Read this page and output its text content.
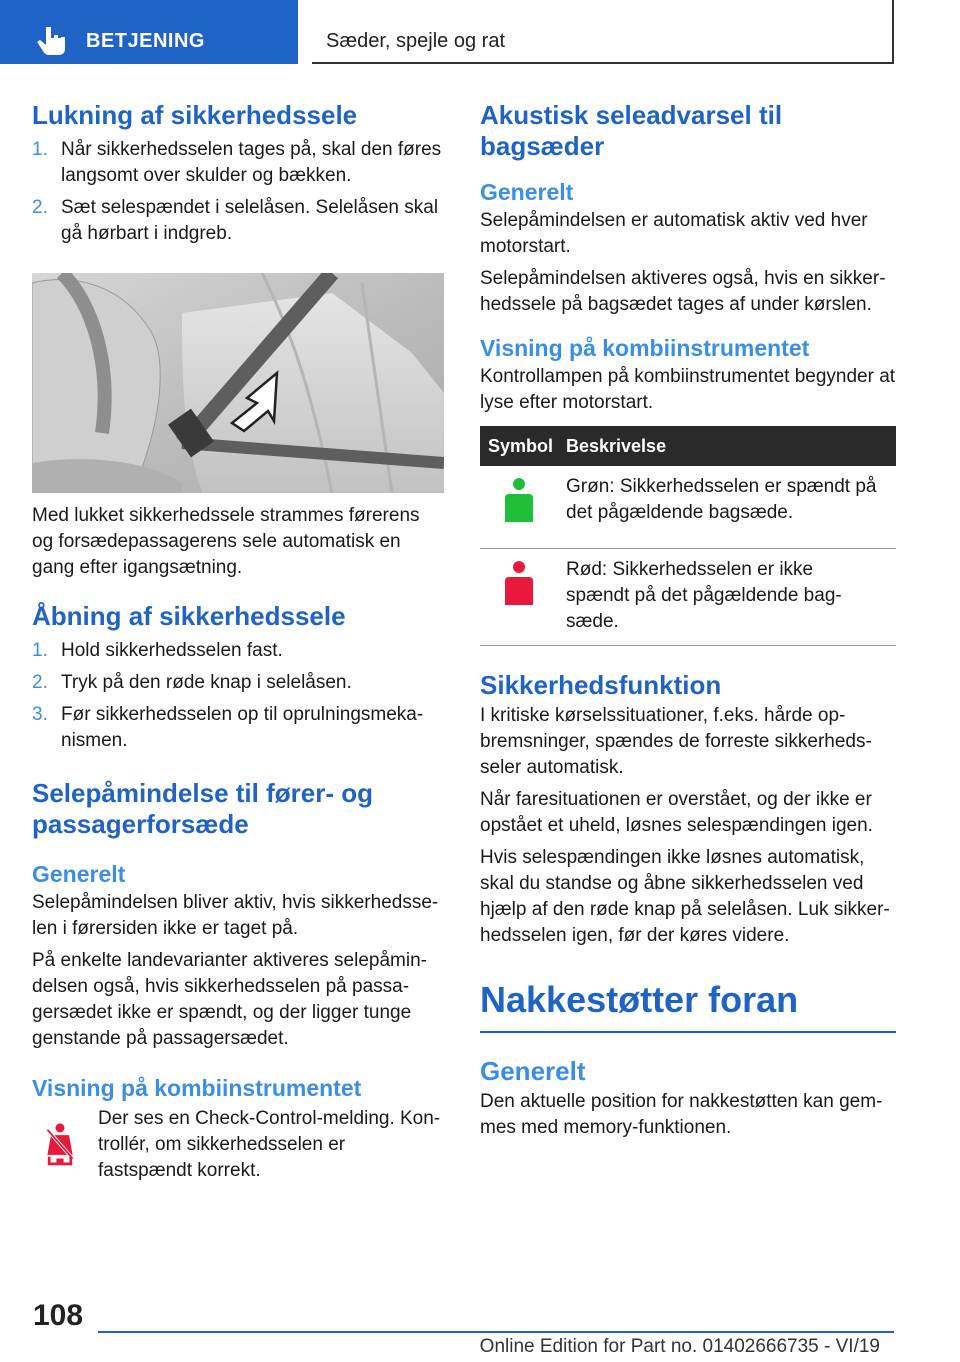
BETJENING	Sæder, spejle og rat
Lukning af sikkerhedssele
1. Når sikkerhedsselen tages på, skal den føres langsomt over skulder og bækken.
2. Sæt selespændet i selelåsen. Selelåsen skal gå hørbart i indgreb.

Med lukket sikkerhedssele strammes førerens og forsædepassagerens sele automatisk en gang efter igangsætning.

Åbning af sikkerhedssele
1. Hold sikkerhedsselen fast.
2. Tryk på den røde knap i selelåsen.
3. Før sikkerhedsselen op til oprulningsmeka- nismen.
Selepåmindelse til fører- og passagerforsæde
Generelt

Selepåmindelsen bliver aktiv, hvis sikkerhedsse- len i førersiden ikke er taget på.

På enkelte landevarianter aktiveres selepåmin- delsen også, hvis sikkerhedsselen på passa- gersædet ikke er spændt, og der ligger tunge genstande på passagersædet.

Visning på kombiinstrumentet

Der ses en Check-Control-melding. Kon- trollér, om sikkerhedsselen er fastspændt korrekt.

Akustisk seleadvarsel til bagsæder
Generelt

Selepåmindelsen er automatisk aktiv ved hver motorstart.

Selepåmindelsen aktiveres også, hvis en sikker- hedssele på bagsædet tages af under kørslen.

Visning på kombiinstrumentet

Kontrollampen på kombiinstrumentet begynder at lyse efter motorstart.

Symbol	Beskrivelse
	Grøn: Sikkerhedsselen er spændt på det pågældende bagsæde.
	Rød: Sikkerhedsselen er ikke spændt på det pågældende bag- sæde.
Sikkerhedsfunktion

I kritiske kørselssituationer, f.eks. hårde op- bremsninger, spændes de forreste sikkerheds- seler automatisk.

Når faresituationen er overstået, og der ikke er opstået et uheld, løsnes selespændingen igen.

Hvis selespændingen ikke løsnes automatisk, skal du standse og åbne sikkerhedsselen ved hjælp af den røde knap på selelåsen. Luk sikker- hedsselen igen, før der køres videre.

Nakkestøtter foran
Generelt

Den aktuelle position for nakkestøtten kan gem- mes med memory-funktionen.

108
Online Edition for Part no. 01402666735 - VI/19
